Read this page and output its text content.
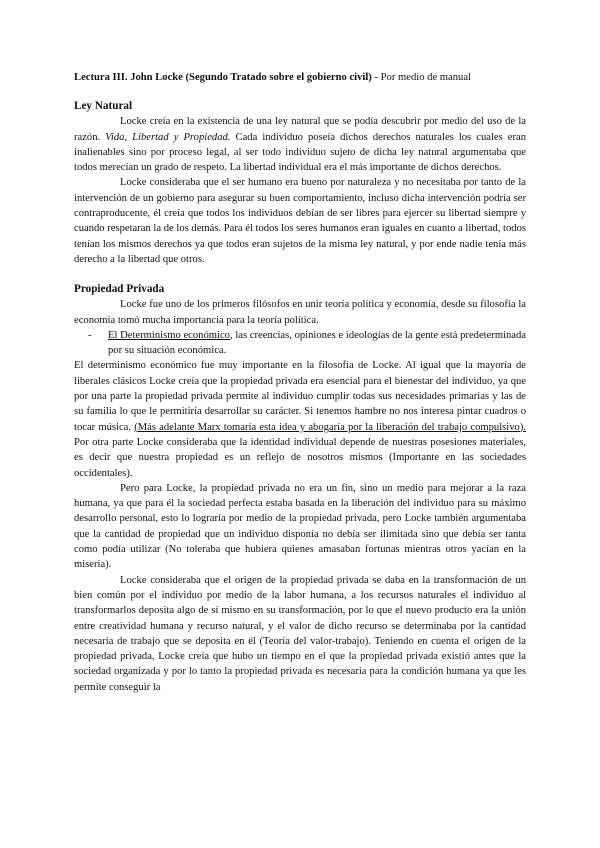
Lectura III. John Locke (Segundo Tratado sobre el gobierno civil) - Por medio de manual
Ley Natural

Locke creía en la existencia de una ley natural que se podía descubrir por medio del uso de la razón. Vida, Libertad y Propiedad. Cada individuo poseía dichos derechos naturales los cuales eran inalienables sino por proceso legal, al ser todo individuo sujeto de dicha ley natural argumentaba que todos merecían un grado de respeto. La libertad individual era el más importante de dichos derechos.

Locke consideraba que el ser humano era bueno por naturaleza y no necesitaba por tanto de la intervención de un gobierno para asegurar su buen comportamiento, incluso dicha intervención podría ser contraproducente, él creía que todos los individuos debían de ser libres para ejercer su libertad siempre y cuando respetaran la de los demás. Para él todos los seres humanos eran iguales en cuanto a libertad, todos tenían los mismos derechos ya que todos eran sujetos de la misma ley natural, y por ende nadie tenía más derecho a la libertad que otros.

Propiedad Privada

Locke fue uno de los primeros filósofos en unir teoría política y economía, desde su filosofía la economía tomó mucha importancia para la teoría política.

- El Determinismo económico, las creencias, opiniones e ideologías de la gente está predeterminada por su situación económica.

El determinismo económico fue muy importante en la filosofía de Locke. Al igual que la mayoría de liberales clásicos Locke creía que la propiedad privada era esencial para el bienestar del individuo, ya que por una parte la propiedad privada permite al individuo cumplir todas sus necesidades primarias y las de su familia lo que le permitiría desarrollar su carácter. Si tenemos hambre no nos interesa pintar cuadros o tocar música. (Más adelante Marx tomaría esta idea y abogaría por la liberación del trabajo compulsivo). Por otra parte Locke consideraba que la identidad individual depende de nuestras posesiones materiales, es decir que nuestra propiedad es un reflejo de nosotros mismos (Importante en las sociedades occidentales).

Pero para Locke, la propiedad privada no era un fin, sino un medio para mejorar a la raza humana, ya que para él la sociedad perfecta estaba basada en la liberación del individuo para su máximo desarrollo personal, esto lo lograría por medio de la propiedad privada, pero Locke también argumentaba que la cantidad de propiedad que un individuo disponía no debía ser ilimitada sino que debía ser tanta como podía utilizar (No toleraba que hubiera quienes amasaban fortunas mientras otros yacían en la miseria).

Locke consideraba que el origen de la propiedad privada se daba en la transformación de un bien común por el individuo por medio de la labor humana, a los recursos naturales el individuo al transformarlos deposita algo de sí mismo en su transformación, por lo que el nuevo producto era la unión entre creatividad humana y recurso natural, y el valor de dicho recurso se determinaba por la cantidad necesaria de trabajo que se deposita en él (Teoría del valor-trabajo). Teniendo en cuenta el origen de la propiedad privada, Locke creía que hubo un tiempo en el que la propiedad privada existió antes que la sociedad organizada y por lo tanto la propiedad privada es necesaria para la condición humana ya que les permite conseguir la
